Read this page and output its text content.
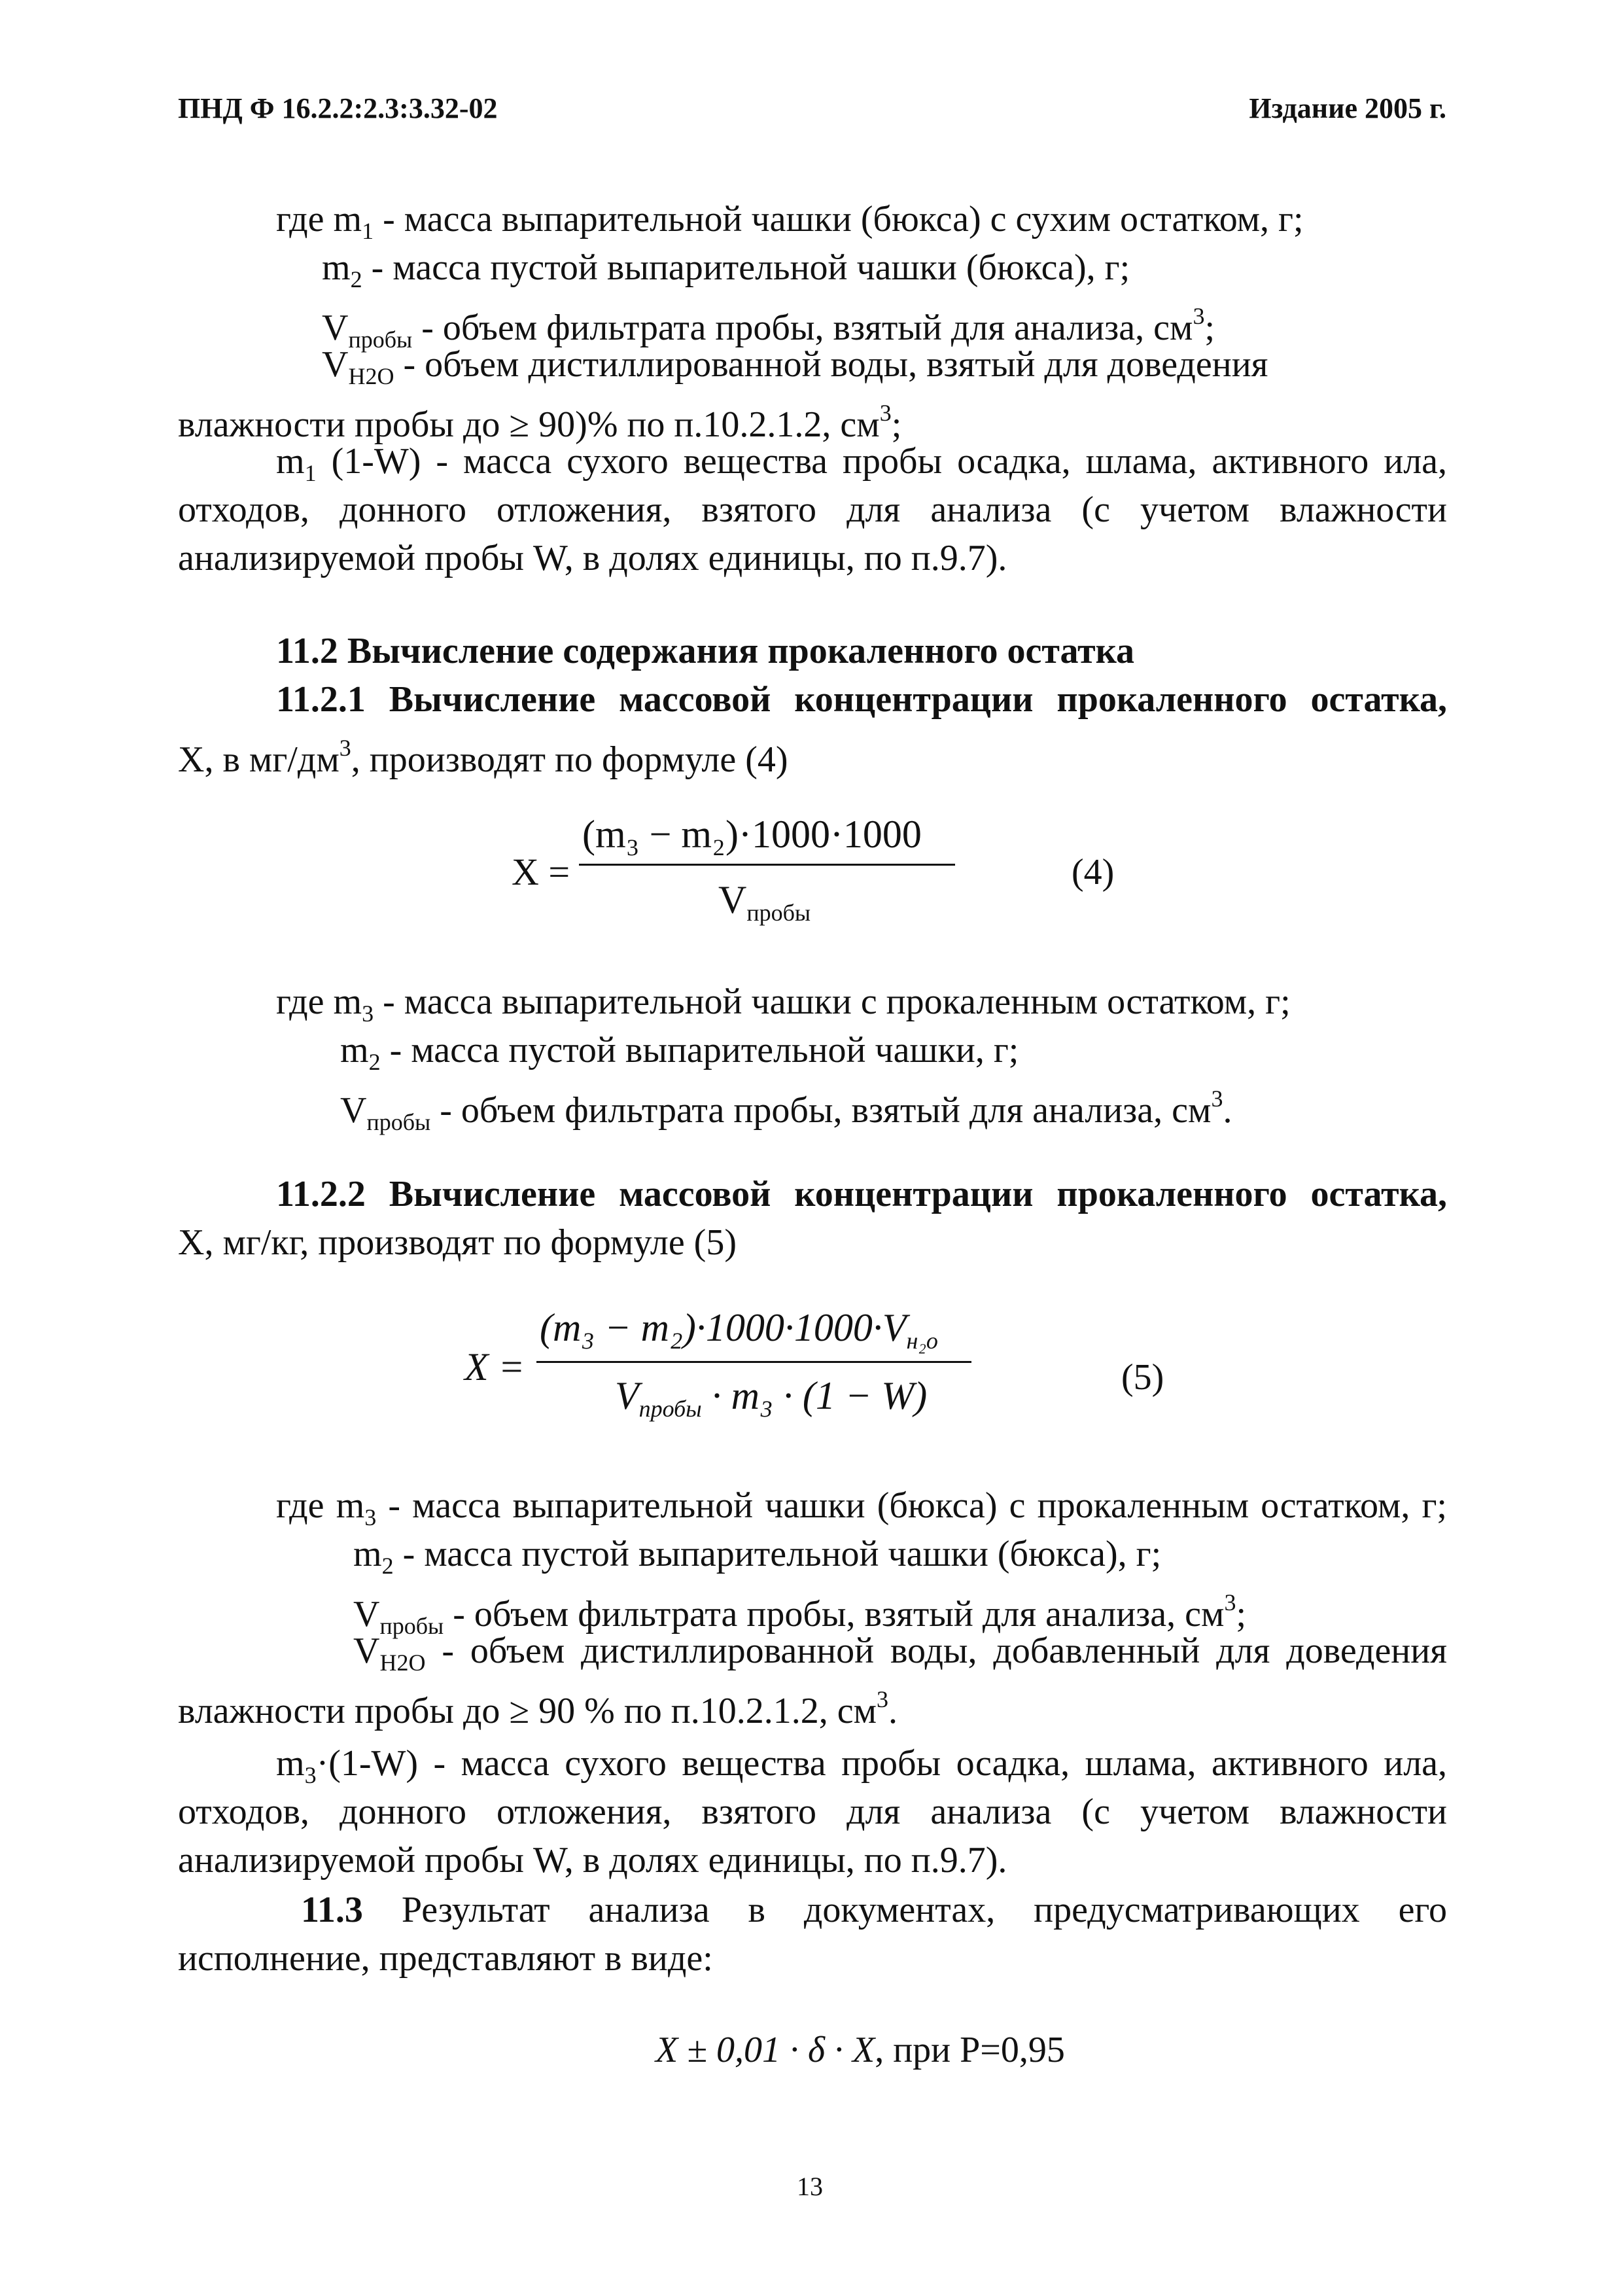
ПНД Ф 16.2.2:2.3:3.32-02	Издание 2005 г.
где $m_1$ - масса выпарительной чашки (бюкса) с сухим остатком, г;
$m_2$ - масса пустой выпарительной чашки (бюкса), г;
$V_{пробы}$ - объем фильтрата пробы, взятый для анализа, $см^3$;
$V_{H2O}$ - объем дистиллированной воды, взятый для доведения
влажности пробы до ≥ 90)% по п.10.2.1.2, $см^3$;
$m_1$ (1-W) - масса сухого вещества пробы осадка, шлама, активного ила,
отходов, донного отложения, взятого для анализа (с учетом влажности
анализируемой пробы W, в долях единицы, по п.9.7).
11.2 Вычисление содержания прокаленного остатка
11.2.1 Вычисление массовой концентрации прокаленного остатка,
X, в $мг/дм^3$, производят по формуле (4)
X =
(m₃ − m₂)·1000·1000
$V_{пробы}$
(4)
где $m_3$ - масса выпарительной чашки с прокаленным остатком, г;
$m_2$ - масса пустой выпарительной чашки, г;
$V_{пробы}$ - объем фильтрата пробы, взятый для анализа, $см^3$.
11.2.2 Вычисление массовой концентрации прокаленного остатка,
X, мг/кг, производят по формуле (5)
X =
$(m_3 - m_2)\cdot 1000\cdot 1000\cdot V_{н_2о}$
$V_{пробы} \cdot m_3 \cdot (1 - W)$	(5)
где $m_3$ - масса выпарительной чашки (бюкса) с прокаленным остатком, г;
$m_2$ - масса пустой выпарительной чашки (бюкса), г;
$V_{пробы}$ - объем фильтрата пробы, взятый для анализа, $см^3$;
$V_{H2O}$ - объем дистиллированной воды, добавленный для доведения
влажности пробы до ≥ 90 % по п.10.2.1.2, $см^3$.
$m_3\cdot(1-W)$ - масса сухого вещества пробы осадка, шлама, активного ила,
отходов, донного отложения, взятого для анализа (с учетом влажности
анализируемой пробы W, в долях единицы, по п.9.7).
11.3 Результат анализа в документах, предусматривающих его
исполнение, представляют в виде:
X ± 0,01 · δ · X, при P=0,95
13
